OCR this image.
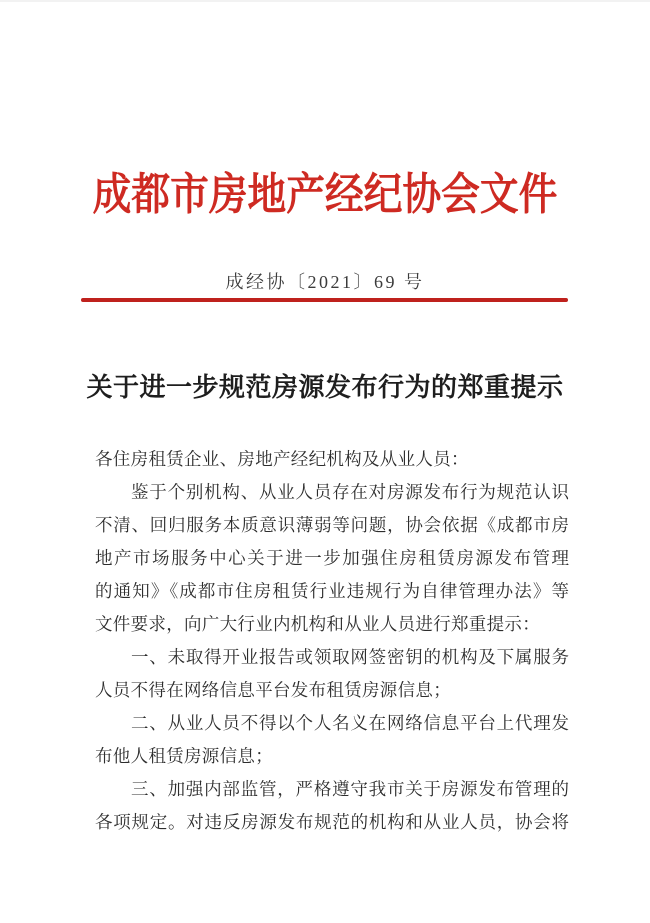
成都市房地产经纪协会文件
成经协〔2021〕69 号
关于进一步规范房源发布行为的郑重提示
各住房租赁企业、房地产经纪机构及从业人员：
鉴于个别机构、从业人员存在对房源发布行为规范认识
不清、回归服务本质意识薄弱等问题，协会依据《成都市房
地产市场服务中心关于进一步加强住房租赁房源发布管理
的通知》《成都市住房租赁行业违规行为自律管理办法》等
文件要求，向广大行业内机构和从业人员进行郑重提示：
一、未取得开业报告或领取网签密钥的机构及下属服务
人员不得在网络信息平台发布租赁房源信息；
二、从业人员不得以个人名义在网络信息平台上代理发
布他人租赁房源信息；
三、加强内部监管，严格遵守我市关于房源发布管理的
各项规定。对违反房源发布规范的机构和从业人员，协会将
